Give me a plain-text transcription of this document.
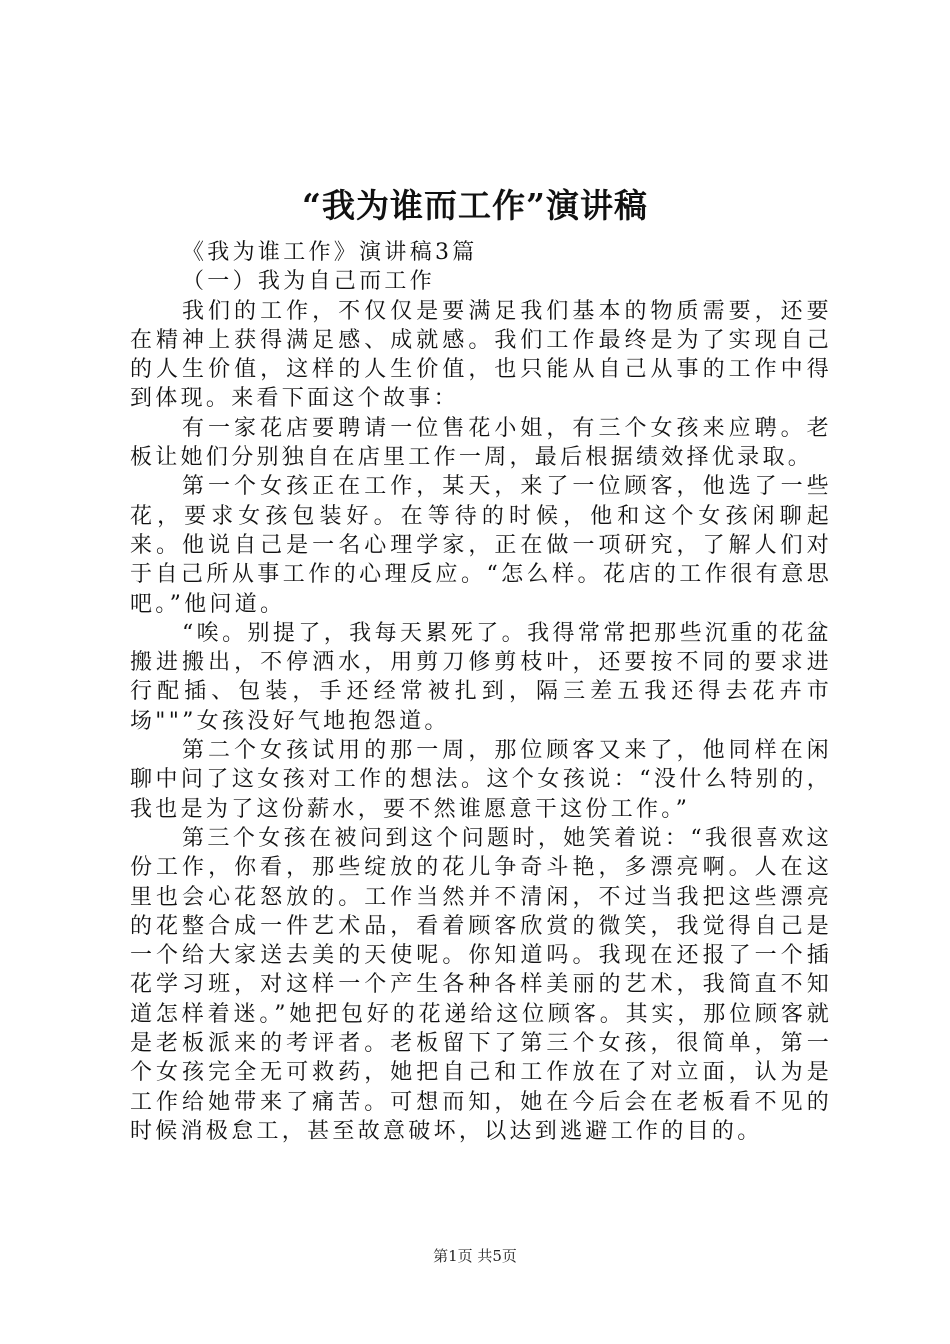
“我为谁而工作”演讲稿

《我为谁工作》演讲稿3篇

（一）我为自己而工作

我们的工作，不仅仅是要满足我们基本的物质需要，还要在精神上获得满足感、成就感。我们工作最终是为了实现自己的人生价值，这样的人生价值，也只能从自己从事的工作中得到体现。来看下面这个故事：

有一家花店要聘请一位售花小姐，有三个女孩来应聘。老板让她们分别独自在店里工作一周，最后根据绩效择优录取。

第一个女孩正在工作，某天，来了一位顾客，他选了一些花，要求女孩包装好。在等待的时候，他和这个女孩闲聊起来。他说自己是一名心理学家，正在做一项研究，了解人们对于自己所从事工作的心理反应。“怎么样。花店的工作很有意思吧。”他问道。

“唉。别提了，我每天累死了。我得常常把那些沉重的花盆搬进搬出，不停洒水，用剪刀修剪枝叶，还要按不同的要求进行配插、包装，手还经常被扎到，隔三差五我还得去花卉市场""”女孩没好气地抱怨道。

第二个女孩试用的那一周，那位顾客又来了，他同样在闲聊中问了这女孩对工作的想法。这个女孩说：“没什么特别的，我也是为了这份薪水，要不然谁愿意干这份工作。”

第三个女孩在被问到这个问题时，她笑着说：“我很喜欢这份工作，你看，那些绽放的花儿争奇斗艳，多漂亮啊。人在这里也会心花怒放的。工作当然并不清闲，不过当我把这些漂亮的花整合成一件艺术品，看着顾客欣赏的微笑，我觉得自己是一个给大家送去美的天使呢。你知道吗。我现在还报了一个插花学习班，对这样一个产生各种各样美丽的艺术，我简直不知道怎样着迷。”她把包好的花递给这位顾客。其实，那位顾客就是老板派来的考评者。老板留下了第三个女孩，很简单，第一个女孩完全无可救药，她把自己和工作放在了对立面，认为是工作给她带来了痛苦。可想而知，她在今后会在老板看不见的时候消极怠工，甚至故意破坏，以达到逃避工作的目的。

第1页 共5页
